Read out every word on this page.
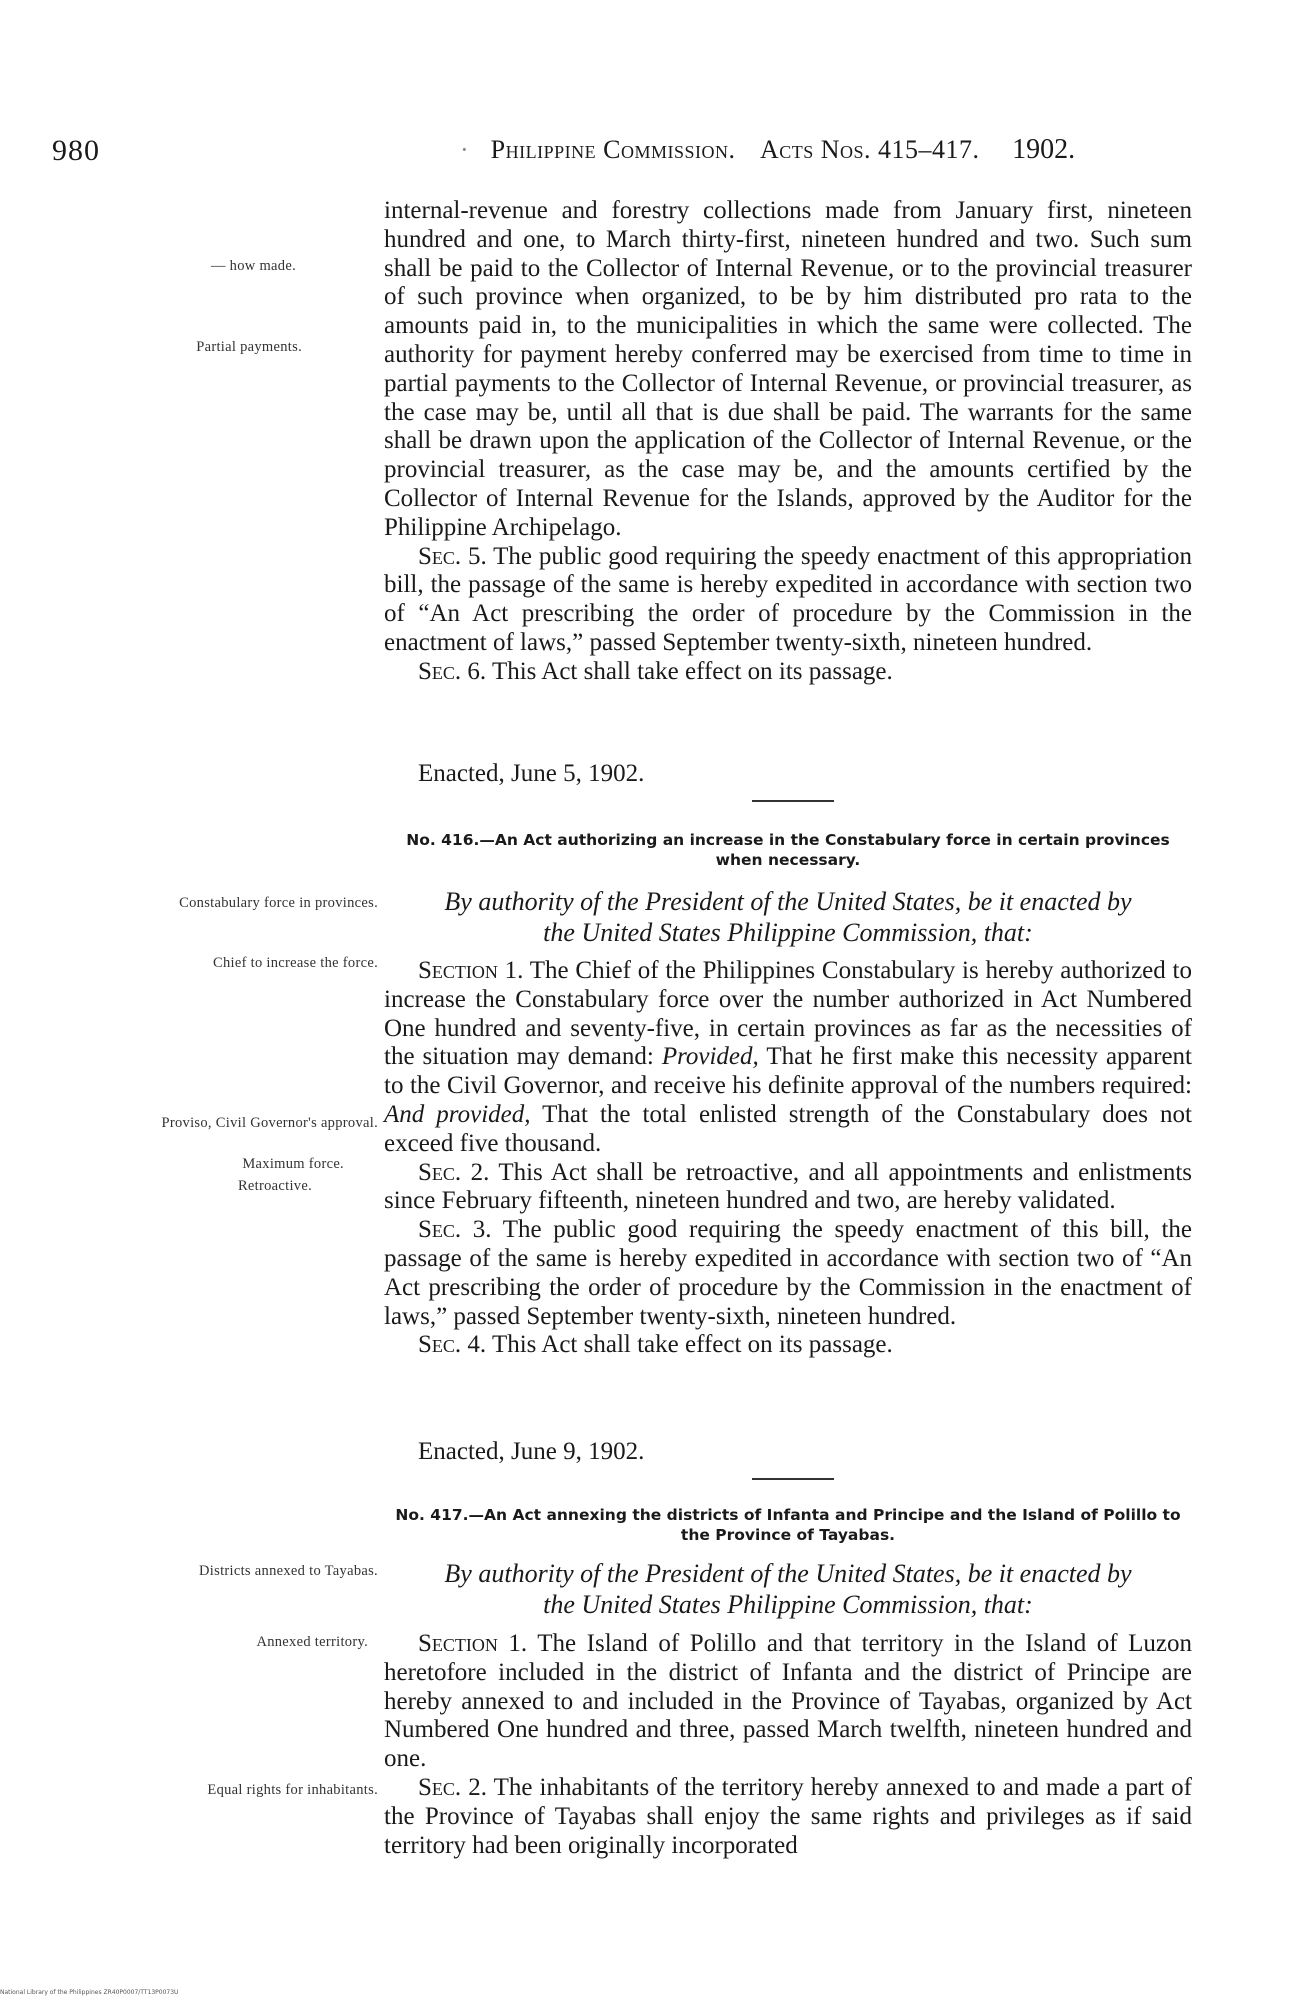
980	· Philippine Commission. Acts Nos. 415–417. 1902.
— how made.
Partial payments.
Constabulary force in provinces.
Chief to increase the force.
Proviso, Civil Governor's approval.
Maximum force.
Retroactive.
Districts annexed to Tayabas.
Annexed territory.
Equal rights for inhabitants.

internal-revenue and forestry collections made from January first, nineteen hundred and one, to March thirty-first, nineteen hundred and two. Such sum shall be paid to the Collector of Internal Revenue, or to the provincial treasurer of such province when organized, to be by him distributed pro rata to the amounts paid in, to the municipalities in which the same were collected. The authority for payment hereby conferred may be exercised from time to time in partial payments to the Collector of Internal Revenue, or provincial treasurer, as the case may be, until all that is due shall be paid. The warrants for the same shall be drawn upon the application of the Collector of Internal Revenue, or the provincial treasurer, as the case may be, and the amounts certified by the Collector of Internal Revenue for the Islands, approved by the Auditor for the Philippine Archipelago.

Sec. 5. The public good requiring the speedy enactment of this appropriation bill, the passage of the same is hereby expedited in accordance with section two of “An Act prescribing the order of procedure by the Commission in the enactment of laws,” passed September twenty-sixth, nineteen hundred.

Sec. 6. This Act shall take effect on its passage.

Enacted, June 5, 1902.
No. 416.—An Act authorizing an increase in the Constabulary force in certain provinces when necessary.
By authority of the President of the United States, be it enacted by
the United States Philippine Commission, that:

Section 1. The Chief of the Philippines Constabulary is hereby authorized to increase the Constabulary force over the number authorized in Act Numbered One hundred and seventy-five, in certain provinces as far as the necessities of the situation may demand: Provided, That he first make this necessity apparent to the Civil Governor, and receive his definite approval of the numbers required: And provided, That the total enlisted strength of the Constabulary does not exceed five thousand.

Sec. 2. This Act shall be retroactive, and all appointments and enlistments since February fifteenth, nineteen hundred and two, are hereby validated.

Sec. 3. The public good requiring the speedy enactment of this bill, the passage of the same is hereby expedited in accordance with section two of “An Act prescribing the order of procedure by the Commission in the enactment of laws,” passed September twenty-sixth, nineteen hundred.

Sec. 4. This Act shall take effect on its passage.

Enacted, June 9, 1902.
No. 417.—An Act annexing the districts of Infanta and Principe and the Island of Polillo to the Province of Tayabas.
By authority of the President of the United States, be it enacted by
the United States Philippine Commission, that:

Section 1. The Island of Polillo and that territory in the Island of Luzon heretofore included in the district of Infanta and the district of Principe are hereby annexed to and included in the Province of Tayabas, organized by Act Numbered One hundred and three, passed March twelfth, nineteen hundred and one.

Sec. 2. The inhabitants of the territory hereby annexed to and made a part of the Province of Tayabas shall enjoy the same rights and privileges as if said territory had been originally incorporated

National Library of the Philippines ZR40P0007/TT13P0073U
